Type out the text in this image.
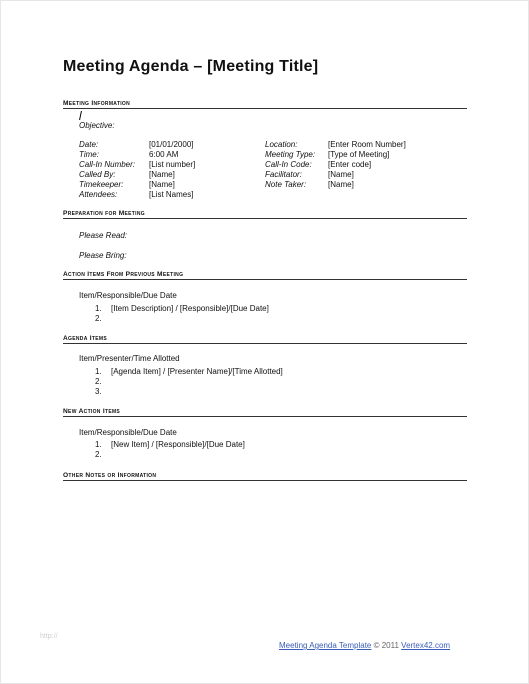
Meeting Agenda – [Meeting Title]
Meeting Information
Objective:
Date:
Time:
Call-In Number:
Called By:
Timekeeper:
Attendees:
[01/01/2000]
6:00 AM
[List number]
[Name]
[Name]
[List Names]
Location:
Meeting Type:
Call-In Code:
Facilitator:
Note Taker:
[Enter Room Number]
[Type of Meeting]
[Enter code]
[Name]
[Name]
Preparation for Meeting
Please Read:
Please Bring:
Action Items From Previous Meeting
Item/Responsible/Due Date
1. [Item Description] / [Responsible]/[Due Date]
2.
Agenda Items
Item/Presenter/Time Allotted
1. [Agenda Item] / [Presenter Name]/[Time Allotted]
2.
3.
New Action Items
Item/Responsible/Due Date
1. [New Item] / [Responsible]/[Due Date]
2.
Other Notes or Information
http://
Meeting Agenda Template © 2011 Vertex42.com
